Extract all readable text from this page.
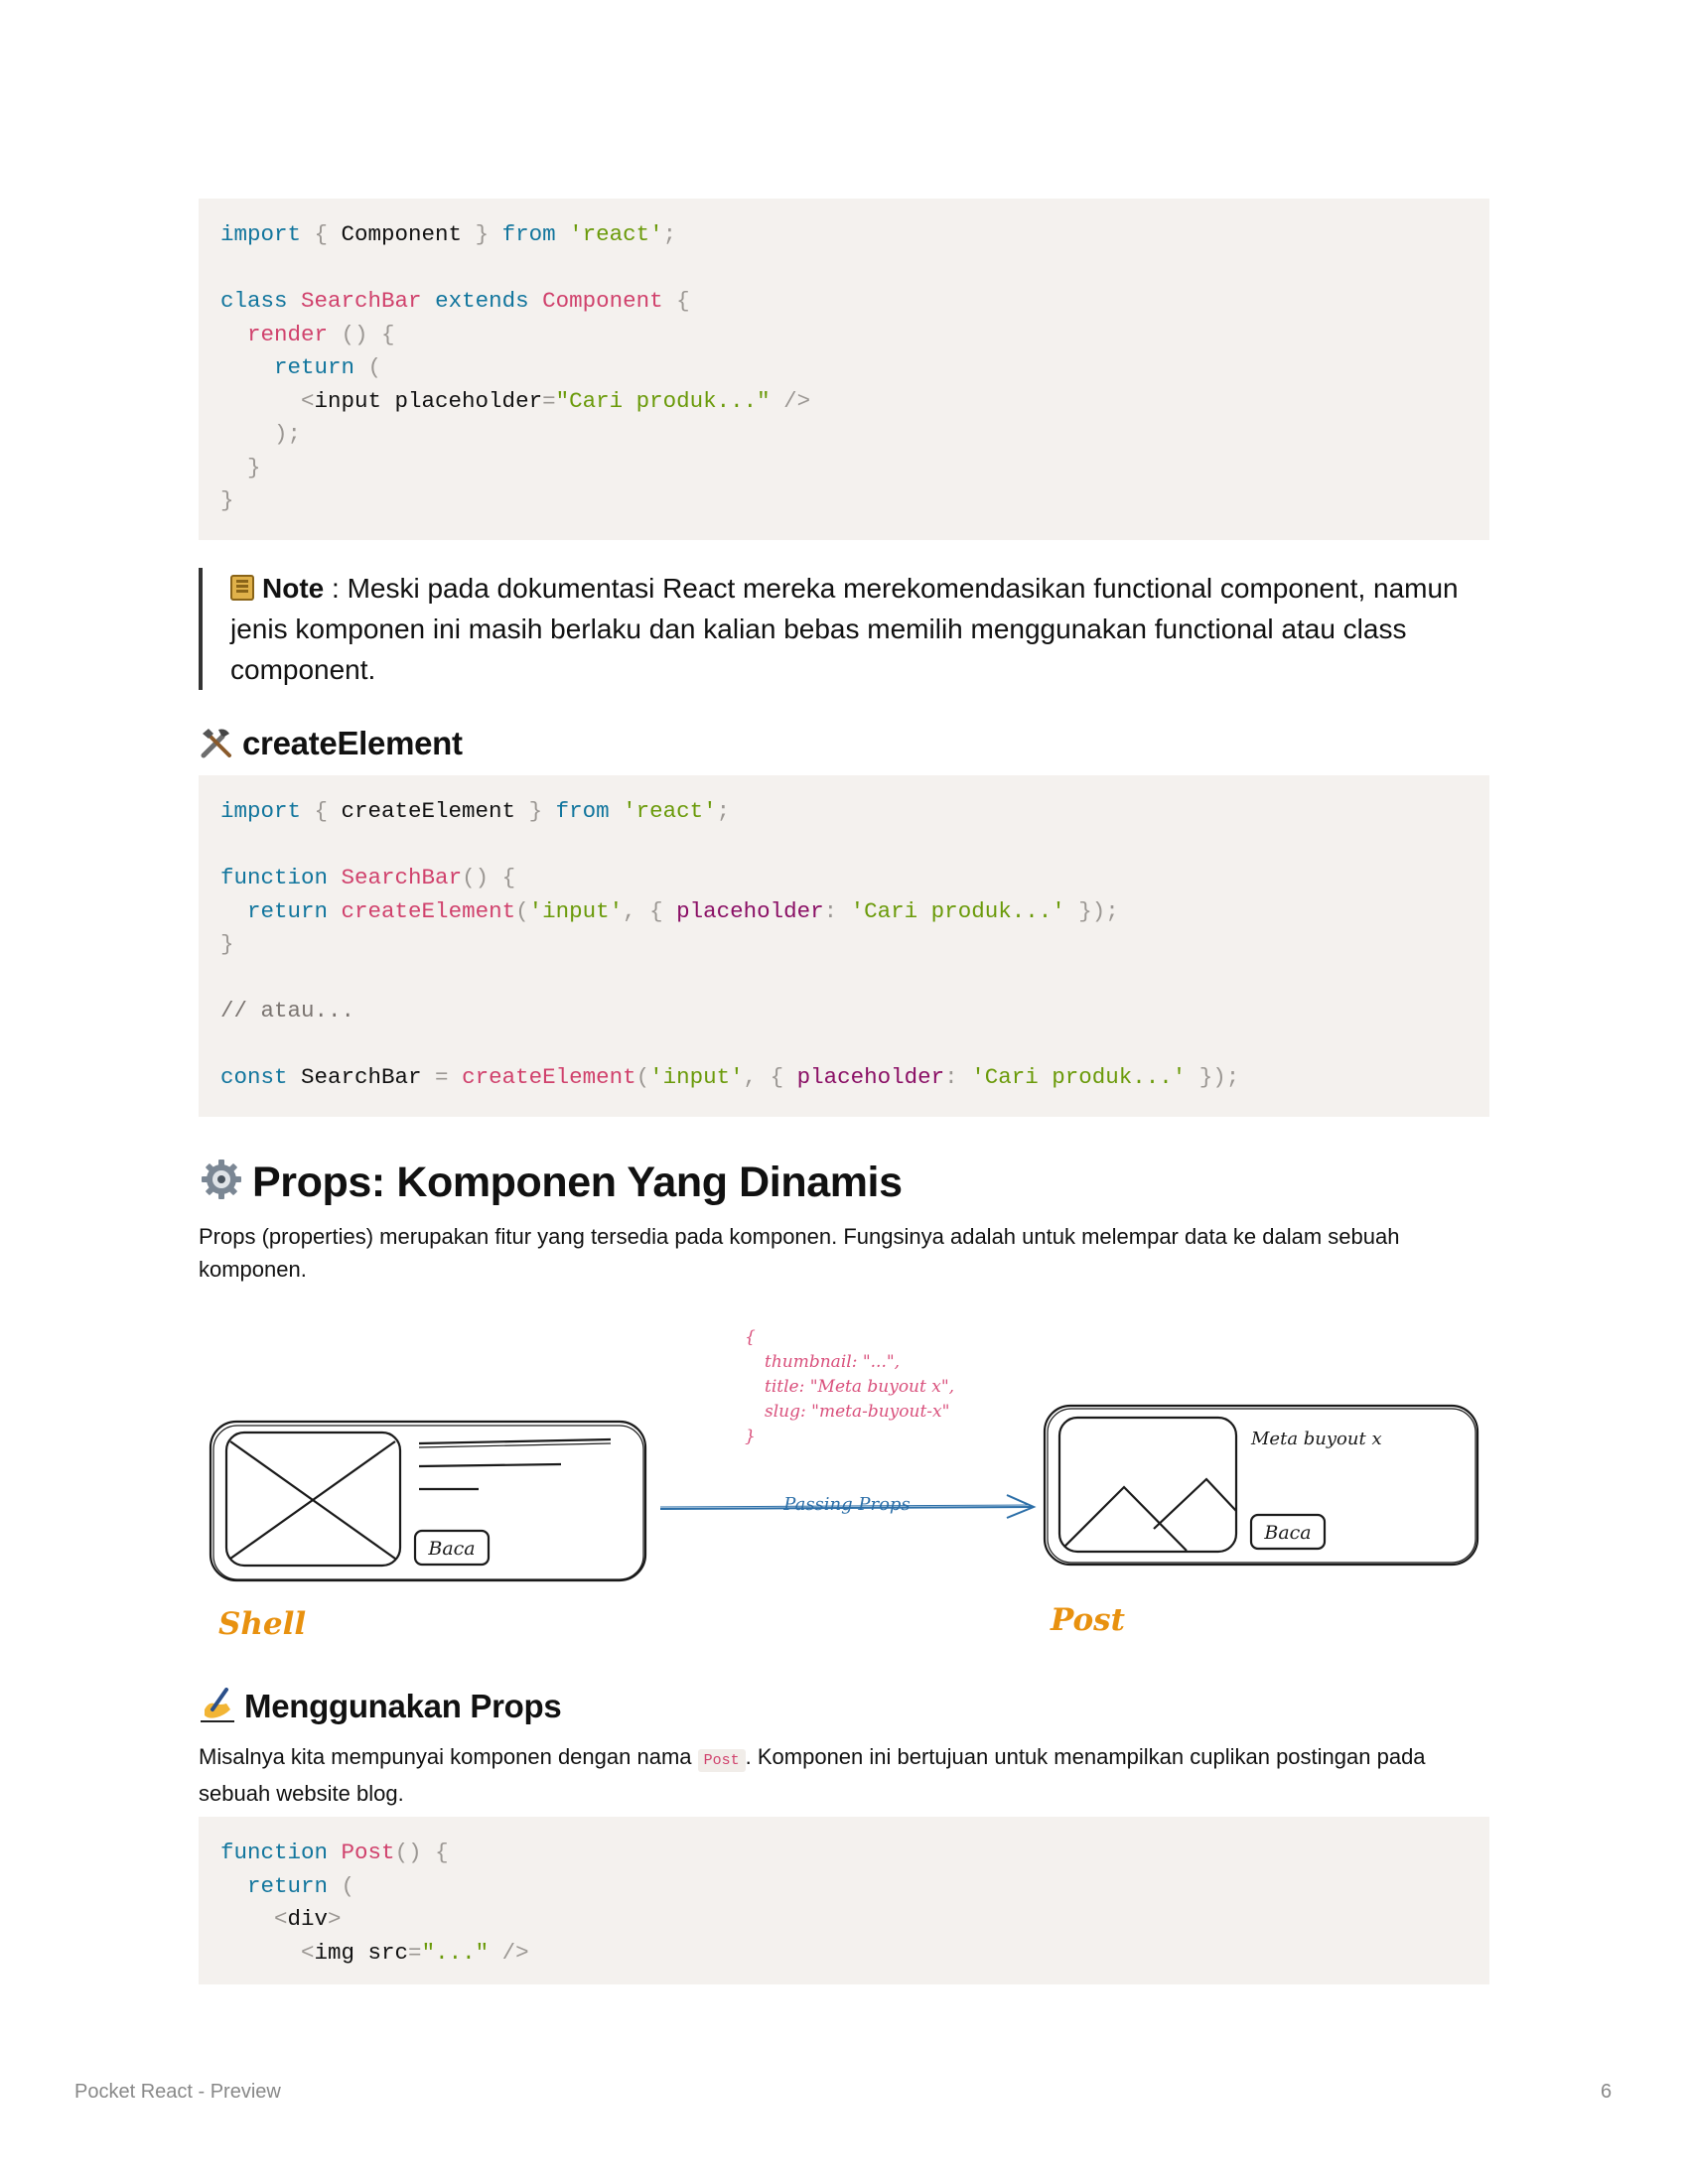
import { Component } from 'react';
class SearchBar extends Component {
render () {
return (
<input placeholder="Cari produk..." />
);
}
}
Note : Meski pada dokumentasi React mereka merekomendasikan functional component, namun jenis komponen ini masih berlaku dan kalian bebas memilih menggunakan functional atau class component.
createElement
import { createElement } from 'react';
function SearchBar() {
return createElement('input', { placeholder: 'Cari produk...' });
}
// atau...
const SearchBar = createElement('input', { placeholder: 'Cari produk...' });
Props: Komponen Yang Dinamis
Props (properties) merupakan fitur yang tersedia pada komponen. Fungsinya adalah untuk melempar data ke dalam sebuah komponen.
{
thumbnail: "...",
title: "Meta buyout x",
slug: "meta-buyout-x"
}
Baca
Passing Props
Meta buyout x
Baca
Shell	Post
Menggunakan Props
Misalnya kita mempunyai komponen dengan nama Post . Komponen ini bertujuan untuk menampilkan cuplikan postingan pada sebuah website blog.
function Post() {
return (
<div>
<img src="..." />
Pocket React - Preview	6
